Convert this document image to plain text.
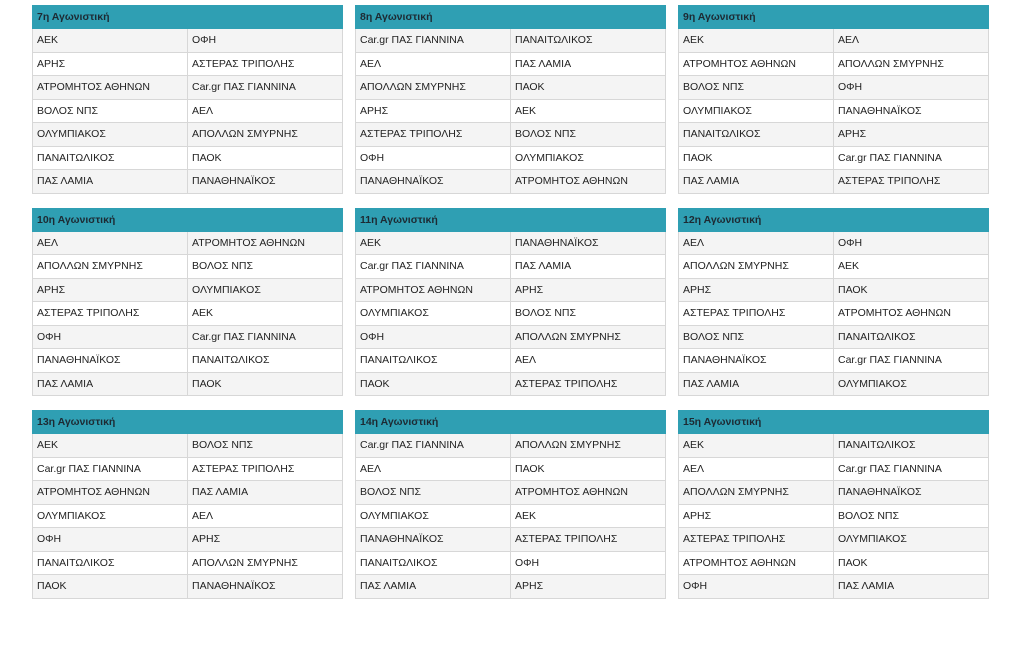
7η Αγωνιστική	
ΑΕΚ	ΟΦΗ
ΑΡΗΣ	ΑΣΤΕΡΑΣ ΤΡΙΠΟΛΗΣ
ΑΤΡΟΜΗΤΟΣ ΑΘΗΝΩΝ	Car.gr ΠΑΣ ΓΙΑΝΝΙΝΑ
ΒΟΛΟΣ ΝΠΣ	ΑΕΛ
ΟΛΥΜΠΙΑΚΟΣ	ΑΠΟΛΛΩΝ ΣΜΥΡΝΗΣ
ΠΑΝΑΙΤΩΛΙΚΟΣ	ΠΑΟΚ
ΠΑΣ ΛΑΜΙΑ	ΠΑΝΑΘΗΝΑΪΚΟΣ
8η Αγωνιστική	
Car.gr ΠΑΣ ΓΙΑΝΝΙΝΑ	ΠΑΝΑΙΤΩΛΙΚΟΣ
ΑΕΛ	ΠΑΣ ΛΑΜΙΑ
ΑΠΟΛΛΩΝ ΣΜΥΡΝΗΣ	ΠΑΟΚ
ΑΡΗΣ	ΑΕΚ
ΑΣΤΕΡΑΣ ΤΡΙΠΟΛΗΣ	ΒΟΛΟΣ ΝΠΣ
ΟΦΗ	ΟΛΥΜΠΙΑΚΟΣ
ΠΑΝΑΘΗΝΑΪΚΟΣ	ΑΤΡΟΜΗΤΟΣ ΑΘΗΝΩΝ
9η Αγωνιστική	
ΑΕΚ	ΑΕΛ
ΑΤΡΟΜΗΤΟΣ ΑΘΗΝΩΝ	ΑΠΟΛΛΩΝ ΣΜΥΡΝΗΣ
ΒΟΛΟΣ ΝΠΣ	ΟΦΗ
ΟΛΥΜΠΙΑΚΟΣ	ΠΑΝΑΘΗΝΑΪΚΟΣ
ΠΑΝΑΙΤΩΛΙΚΟΣ	ΑΡΗΣ
ΠΑΟΚ	Car.gr ΠΑΣ ΓΙΑΝΝΙΝΑ
ΠΑΣ ΛΑΜΙΑ	ΑΣΤΕΡΑΣ ΤΡΙΠΟΛΗΣ
10η Αγωνιστική	
ΑΕΛ	ΑΤΡΟΜΗΤΟΣ ΑΘΗΝΩΝ
ΑΠΟΛΛΩΝ ΣΜΥΡΝΗΣ	ΒΟΛΟΣ ΝΠΣ
ΑΡΗΣ	ΟΛΥΜΠΙΑΚΟΣ
ΑΣΤΕΡΑΣ ΤΡΙΠΟΛΗΣ	ΑΕΚ
ΟΦΗ	Car.gr ΠΑΣ ΓΙΑΝΝΙΝΑ
ΠΑΝΑΘΗΝΑΪΚΟΣ	ΠΑΝΑΙΤΩΛΙΚΟΣ
ΠΑΣ ΛΑΜΙΑ	ΠΑΟΚ
11η Αγωνιστική	
ΑΕΚ	ΠΑΝΑΘΗΝΑΪΚΟΣ
Car.gr ΠΑΣ ΓΙΑΝΝΙΝΑ	ΠΑΣ ΛΑΜΙΑ
ΑΤΡΟΜΗΤΟΣ ΑΘΗΝΩΝ	ΑΡΗΣ
ΟΛΥΜΠΙΑΚΟΣ	ΒΟΛΟΣ ΝΠΣ
ΟΦΗ	ΑΠΟΛΛΩΝ ΣΜΥΡΝΗΣ
ΠΑΝΑΙΤΩΛΙΚΟΣ	ΑΕΛ
ΠΑΟΚ	ΑΣΤΕΡΑΣ ΤΡΙΠΟΛΗΣ
12η Αγωνιστική	
ΑΕΛ	ΟΦΗ
ΑΠΟΛΛΩΝ ΣΜΥΡΝΗΣ	ΑΕΚ
ΑΡΗΣ	ΠΑΟΚ
ΑΣΤΕΡΑΣ ΤΡΙΠΟΛΗΣ	ΑΤΡΟΜΗΤΟΣ ΑΘΗΝΩΝ
ΒΟΛΟΣ ΝΠΣ	ΠΑΝΑΙΤΩΛΙΚΟΣ
ΠΑΝΑΘΗΝΑΪΚΟΣ	Car.gr ΠΑΣ ΓΙΑΝΝΙΝΑ
ΠΑΣ ΛΑΜΙΑ	ΟΛΥΜΠΙΑΚΟΣ
13η Αγωνιστική	
ΑΕΚ	ΒΟΛΟΣ ΝΠΣ
Car.gr ΠΑΣ ΓΙΑΝΝΙΝΑ	ΑΣΤΕΡΑΣ ΤΡΙΠΟΛΗΣ
ΑΤΡΟΜΗΤΟΣ ΑΘΗΝΩΝ	ΠΑΣ ΛΑΜΙΑ
ΟΛΥΜΠΙΑΚΟΣ	ΑΕΛ
ΟΦΗ	ΑΡΗΣ
ΠΑΝΑΙΤΩΛΙΚΟΣ	ΑΠΟΛΛΩΝ ΣΜΥΡΝΗΣ
ΠΑΟΚ	ΠΑΝΑΘΗΝΑΪΚΟΣ
14η Αγωνιστική	
Car.gr ΠΑΣ ΓΙΑΝΝΙΝΑ	ΑΠΟΛΛΩΝ ΣΜΥΡΝΗΣ
ΑΕΛ	ΠΑΟΚ
ΒΟΛΟΣ ΝΠΣ	ΑΤΡΟΜΗΤΟΣ ΑΘΗΝΩΝ
ΟΛΥΜΠΙΑΚΟΣ	ΑΕΚ
ΠΑΝΑΘΗΝΑΪΚΟΣ	ΑΣΤΕΡΑΣ ΤΡΙΠΟΛΗΣ
ΠΑΝΑΙΤΩΛΙΚΟΣ	ΟΦΗ
ΠΑΣ ΛΑΜΙΑ	ΑΡΗΣ
15η Αγωνιστική	
ΑΕΚ	ΠΑΝΑΙΤΩΛΙΚΟΣ
ΑΕΛ	Car.gr ΠΑΣ ΓΙΑΝΝΙΝΑ
ΑΠΟΛΛΩΝ ΣΜΥΡΝΗΣ	ΠΑΝΑΘΗΝΑΪΚΟΣ
ΑΡΗΣ	ΒΟΛΟΣ ΝΠΣ
ΑΣΤΕΡΑΣ ΤΡΙΠΟΛΗΣ	ΟΛΥΜΠΙΑΚΟΣ
ΑΤΡΟΜΗΤΟΣ ΑΘΗΝΩΝ	ΠΑΟΚ
ΟΦΗ	ΠΑΣ ΛΑΜΙΑ
